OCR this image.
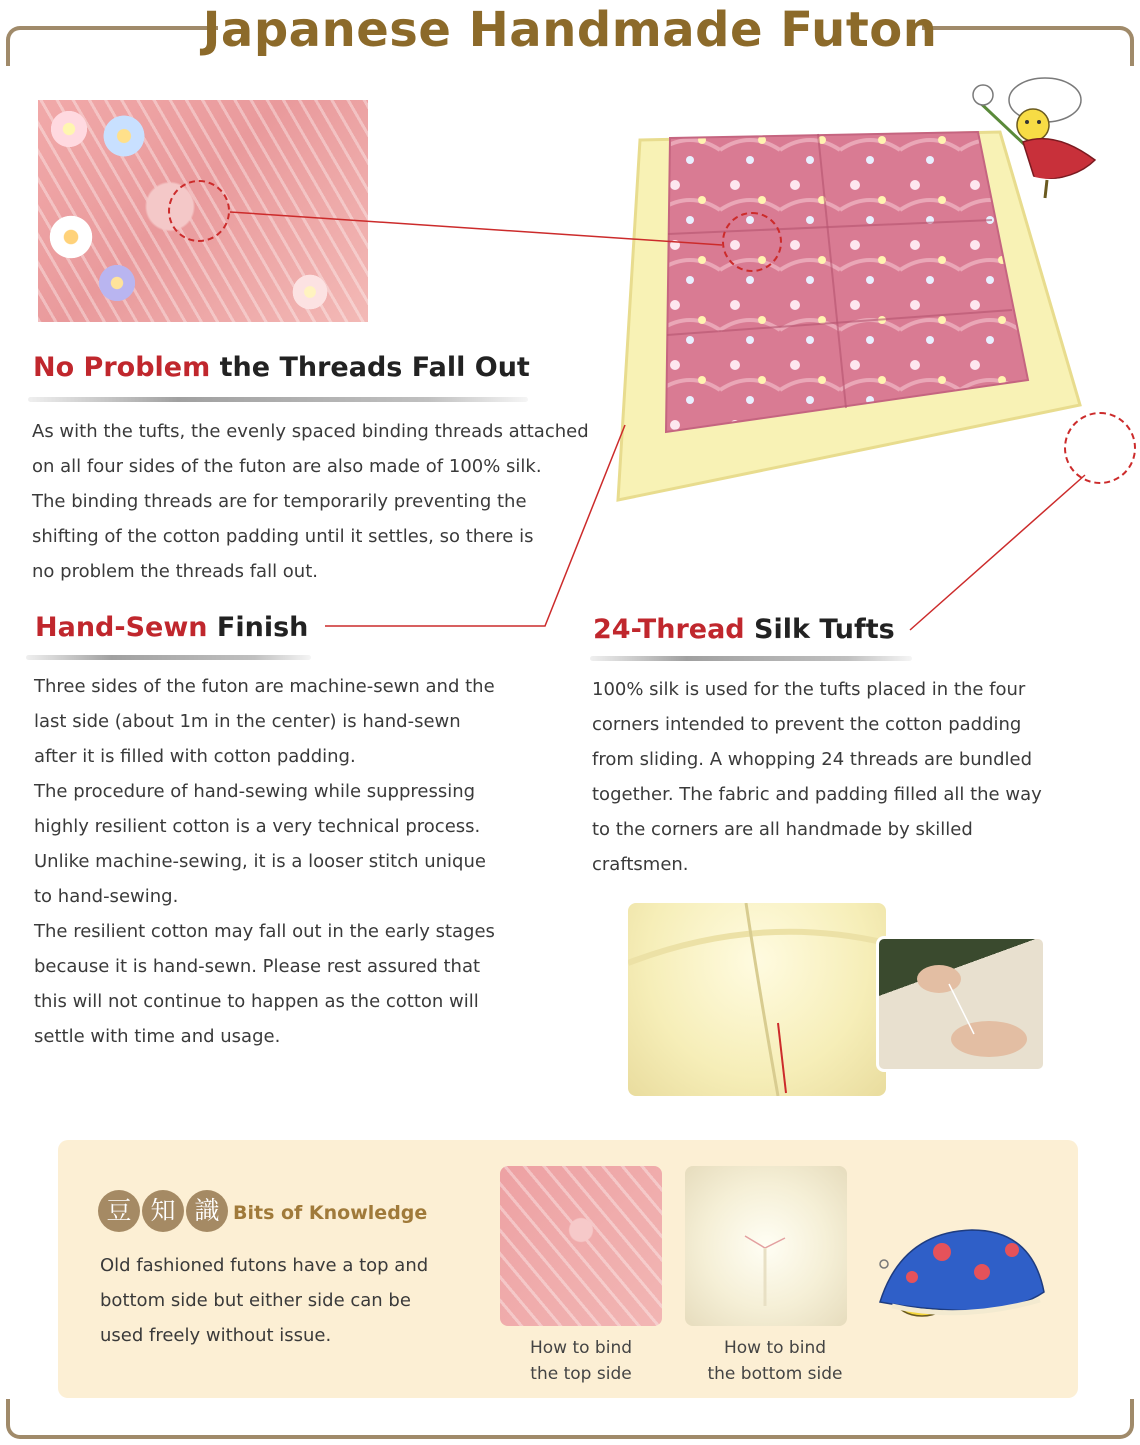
Japanese Handmade Futon
No Problem the Threads Fall Out
As with the tufts, the evenly spaced binding threads attached
on all four sides of the futon are also made of 100% silk.
The binding threads are for temporarily preventing the
shifting of the cotton padding until it settles, so there is
no problem the threads fall out.
Hand-Sewn Finish
Three sides of the futon are machine-sewn and the
last side (about 1m in the center) is hand-sewn
after it is filled with cotton padding.
The procedure of hand-sewing while suppressing
highly resilient cotton is a very technical process.
Unlike machine-sewing, it is a looser stitch unique
to hand-sewing.
The resilient cotton may fall out in the early stages
because it is hand-sewn. Please rest assured that
this will not continue to happen as the cotton will
settle with time and usage.
24-Thread Silk Tufts
100% silk is used for the tufts placed in the four
corners intended to prevent the cotton padding
from sliding. A whopping 24 threads are bundled
together. The fabric and padding filled all the way
to the corners are all handmade by skilled
craftsmen.
豆 知 識 Bits of Knowledge
Old fashioned futons have a top and
bottom side but either side can be
used freely without issue.
How to bind
the top side
How to bind
the bottom side
